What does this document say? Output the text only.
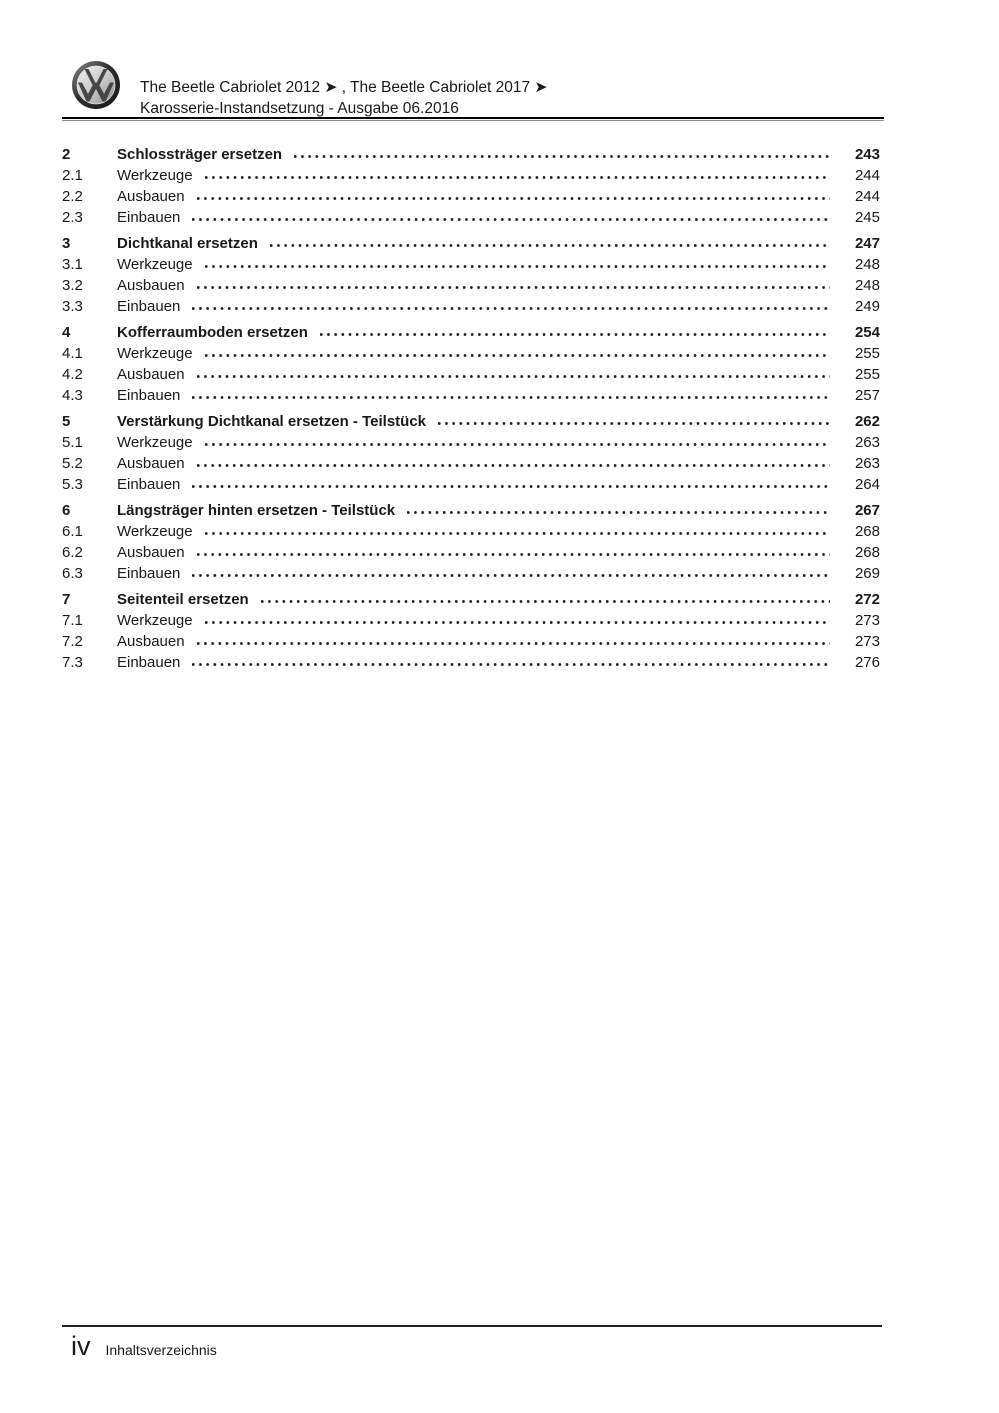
The Beetle Cabriolet 2012 ➤ , The Beetle Cabriolet 2017 ➤
Karosserie-Instandsetzung - Ausgabe 06.2016
2	Schlossträger ersetzen	243
2.1	Werkzeuge	244
2.2	Ausbauen	244
2.3	Einbauen	245
3	Dichtkanal ersetzen	247
3.1	Werkzeuge	248
3.2	Ausbauen	248
3.3	Einbauen	249
4	Kofferraumboden ersetzen	254
4.1	Werkzeuge	255
4.2	Ausbauen	255
4.3	Einbauen	257
5	Verstärkung Dichtkanal ersetzen - Teilstück	262
5.1	Werkzeuge	263
5.2	Ausbauen	263
5.3	Einbauen	264
6	Längsträger hinten ersetzen - Teilstück	267
6.1	Werkzeuge	268
6.2	Ausbauen	268
6.3	Einbauen	269
7	Seitenteil ersetzen	272
7.1	Werkzeuge	273
7.2	Ausbauen	273
7.3	Einbauen	276
iv Inhaltsverzeichnis
